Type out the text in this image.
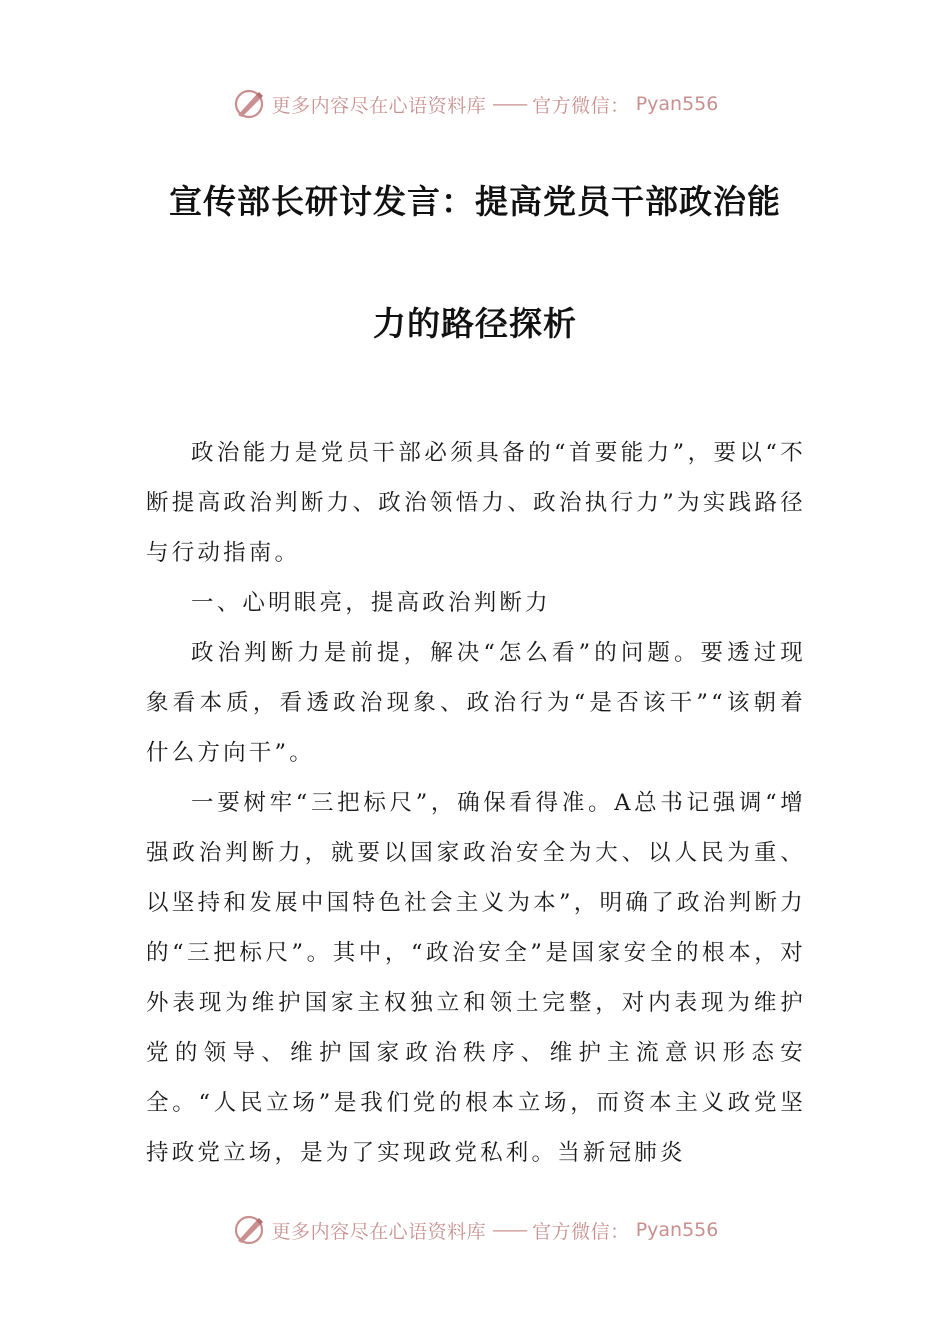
更多内容尽在心语资料库 —— 官方微信： Pyan556
宣传部长研讨发言：提高党员干部政治能
力的路径探析

政治能力是党员干部必须具备的“首要能力”，要以“不断提高政治判断力、政治领悟力、政治执行力”为实践路径与行动指南。

一、心明眼亮，提高政治判断力

政治判断力是前提，解决“怎么看”的问题。要透过现象看本质，看透政治现象、政治行为“是否该干”“该朝着什么方向干”。

一要树牢“三把标尺”，确保看得准。A总书记强调“增强政治判断力，就要以国家政治安全为大、以人民为重、以坚持和发展中国特色社会主义为本”，明确了政治判断力的“三把标尺”。其中，“政治安全”是国家安全的根本，对外表现为维护国家主权独立和领土完整，对内表现为维护党的领导、维护国家政治秩序、维护主流意识形态安全。“人民立场”是我们党的根本立场，而资本主义政党坚持政党立场，是为了实现政党私利。当新冠肺炎

更多内容尽在心语资料库 —— 官方微信： Pyan556
